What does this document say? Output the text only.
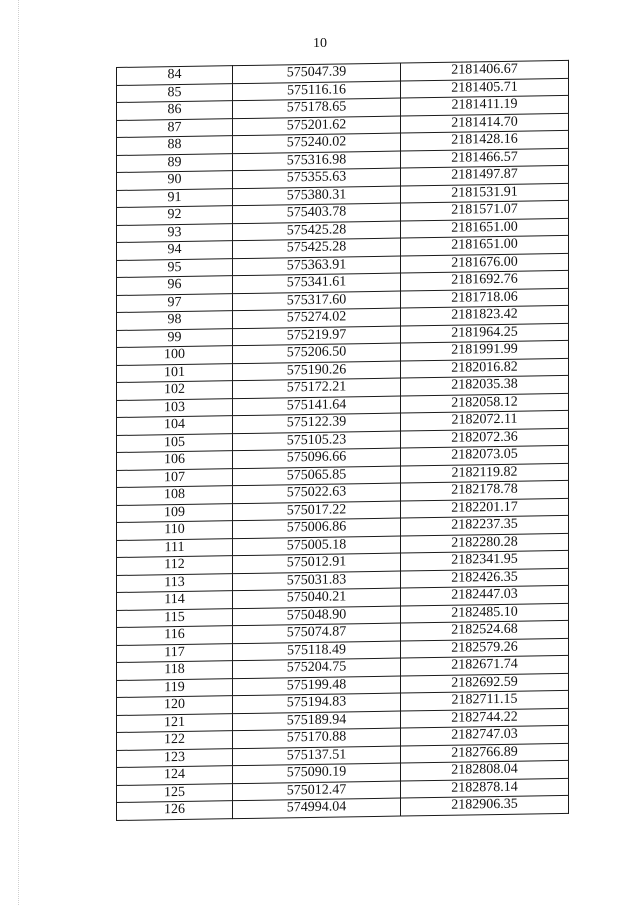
10
84	575047.39	2181406.67
85	575116.16	2181405.71
86	575178.65	2181411.19
87	575201.62	2181414.70
88	575240.02	2181428.16
89	575316.98	2181466.57
90	575355.63	2181497.87
91	575380.31	2181531.91
92	575403.78	2181571.07
93	575425.28	2181651.00
94	575425.28	2181651.00
95	575363.91	2181676.00
96	575341.61	2181692.76
97	575317.60	2181718.06
98	575274.02	2181823.42
99	575219.97	2181964.25
100	575206.50	2181991.99
101	575190.26	2182016.82
102	575172.21	2182035.38
103	575141.64	2182058.12
104	575122.39	2182072.11
105	575105.23	2182072.36
106	575096.66	2182073.05
107	575065.85	2182119.82
108	575022.63	2182178.78
109	575017.22	2182201.17
110	575006.86	2182237.35
111	575005.18	2182280.28
112	575012.91	2182341.95
113	575031.83	2182426.35
114	575040.21	2182447.03
115	575048.90	2182485.10
116	575074.87	2182524.68
117	575118.49	2182579.26
118	575204.75	2182671.74
119	575199.48	2182692.59
120	575194.83	2182711.15
121	575189.94	2182744.22
122	575170.88	2182747.03
123	575137.51	2182766.89
124	575090.19	2182808.04
125	575012.47	2182878.14
126	574994.04	2182906.35
